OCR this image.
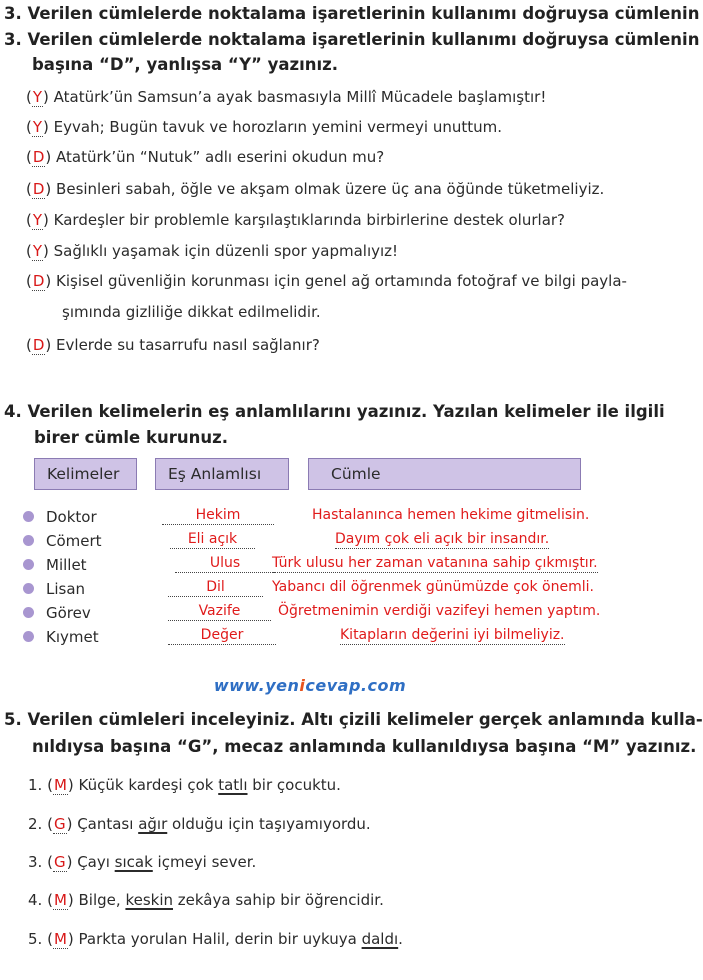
3. Verilen cümlelerde noktalama işaretlerinin kullanımı doğruysa cümlenin
3. Verilen cümlelerde noktalama işaretlerinin kullanımı doğruysa cümlenin
başına “D”, yanlışsa “Y” yazınız.
(Y) Atatürk’ün Samsun’a ayak basmasıyla Millî Mücadele başlamıştır!
(Y) Eyvah; Bugün tavuk ve horozların yemini vermeyi unuttum.
(D) Atatürk’ün “Nutuk” adlı eserini okudun mu?
(D) Besinleri sabah, öğle ve akşam olmak üzere üç ana öğünde tüketmeliyiz.
(Y) Kardeşler bir problemle karşılaştıklarında birbirlerine destek olurlar?
(Y) Sağlıklı yaşamak için düzenli spor yapmalıyız!
(D) Kişisel güvenliğin korunması için genel ağ ortamında fotoğraf ve bilgi payla-
şımında gizliliğe dikkat edilmelidir.
(D) Evlerde su tasarrufu nasıl sağlanır?
4. Verilen kelimelerin eş anlamlılarını yazınız. Yazılan kelimeler ile ilgili
birer cümle kurunuz.
Kelimeler	Eş Anlamlısı	Cümle
Doktor	Hekim	Hastalanınca hemen hekime gitmelisin.
Cömert	Eli açık	Dayım çok eli açık bir insandır.
Millet	Ulus	Türk ulusu her zaman vatanına sahip çıkmıştır.
Lisan	Dil	Yabancı dil öğrenmek günümüzde çok önemli.
Görev	Vazife	Öğretmenimin verdiği vazifeyi hemen yaptım.
Kıymet	Değer	Kitapların değerini iyi bilmeliyiz.
www.yenicevap.com
5. Verilen cümleleri inceleyiniz. Altı çizili kelimeler gerçek anlamında kulla-
nıldıysa başına “G”, mecaz anlamında kullanıldıysa başına “M” yazınız.
1. (M) Küçük kardeşi çok tatlı bir çocuktu.
2. (G) Çantası ağır olduğu için taşıyamıyordu.
3. (G) Çayı sıcak içmeyi sever.
4. (M) Bilge, keskin zekâya sahip bir öğrencidir.
5. (M) Parkta yorulan Halil, derin bir uykuya daldı.
